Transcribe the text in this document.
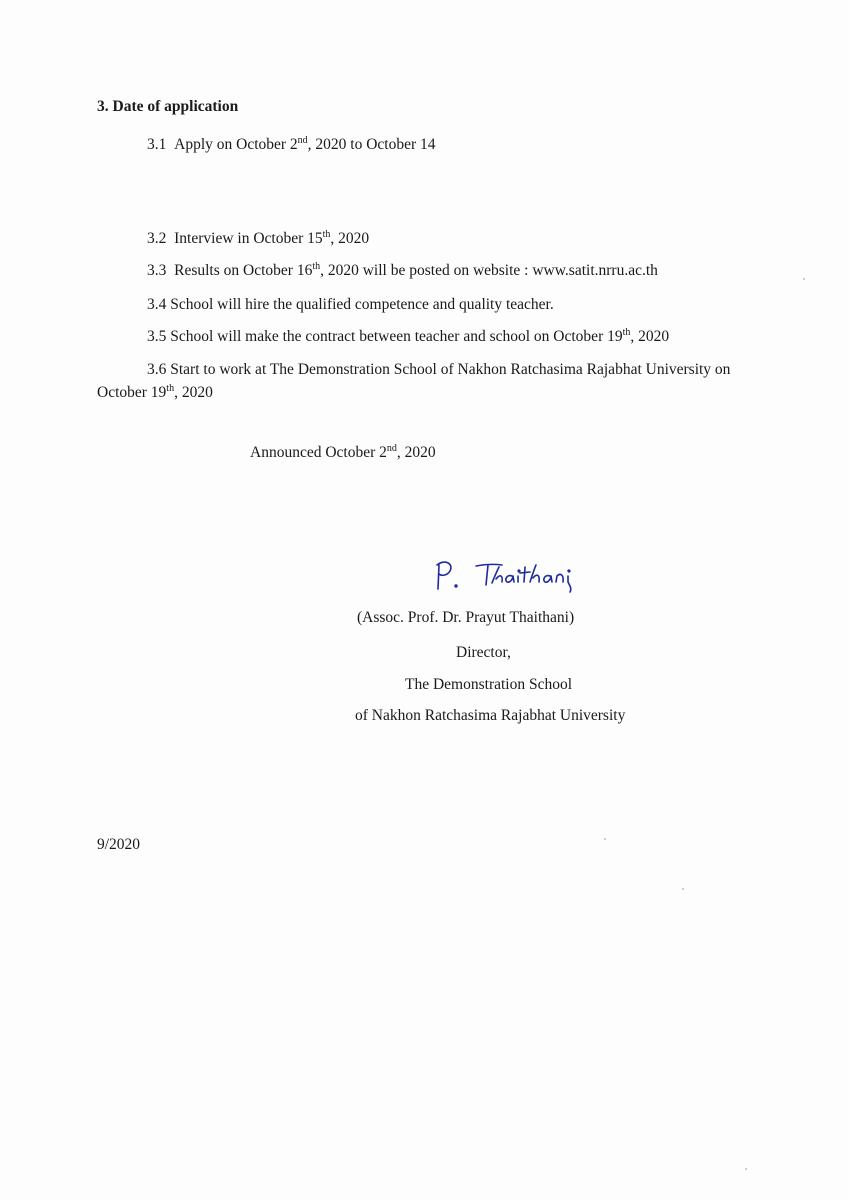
3. Date of application
3.1 Apply on October 2nd, 2020 to October 14
3.2 Interview in October 15th, 2020
3.3 Results on October 16th, 2020 will be posted on website : www.satit.nrru.ac.th
3.4 School will hire the qualified competence and quality teacher.
3.5 School will make the contract between teacher and school on October 19th, 2020
3.6 Start to work at The Demonstration School of Nakhon Ratchasima Rajabhat University on October 19th, 2020
Announced October 2nd, 2020
(Assoc. Prof. Dr. Prayut Thaithani)
Director,
The Demonstration School
of Nakhon Ratchasima Rajabhat University
9/2020
